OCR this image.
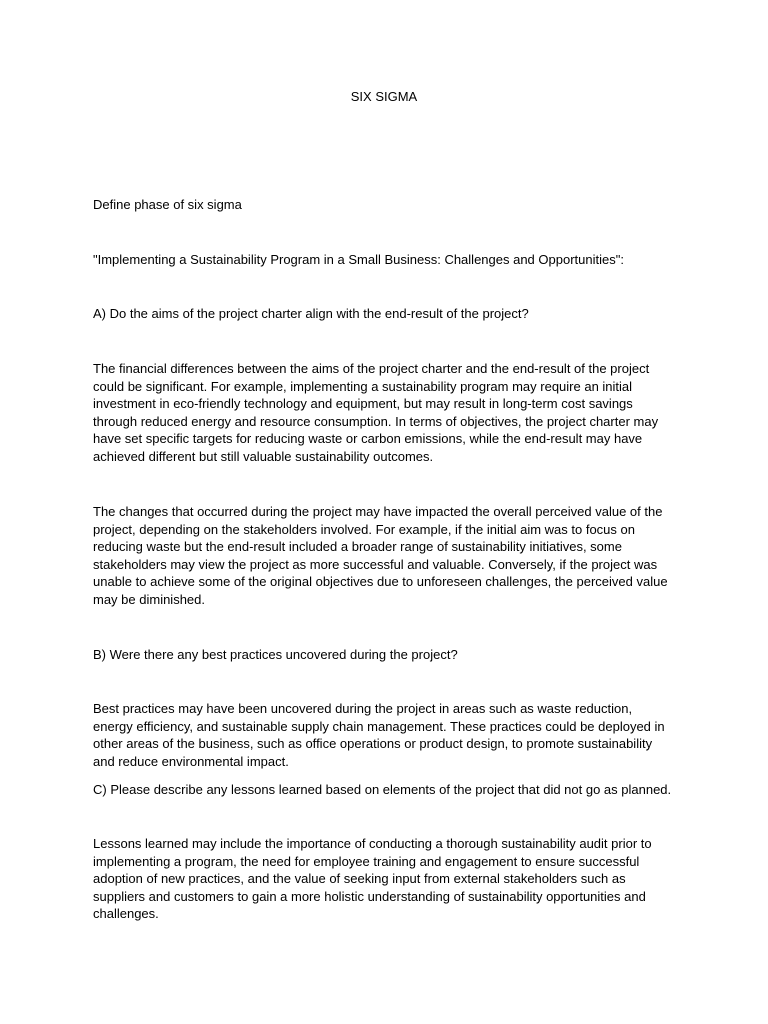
SIX SIGMA

Define phase of six sigma

"Implementing a Sustainability Program in a Small Business: Challenges and Opportunities":

A) Do the aims of the project charter align with the end-result of the project?

The financial differences between the aims of the project charter and the end-result of the project could be significant. For example, implementing a sustainability program may require an initial investment in eco-friendly technology and equipment, but may result in long-term cost savings through reduced energy and resource consumption. In terms of objectives, the project charter may have set specific targets for reducing waste or carbon emissions, while the end-result may have achieved different but still valuable sustainability outcomes.

The changes that occurred during the project may have impacted the overall perceived value of the project, depending on the stakeholders involved. For example, if the initial aim was to focus on reducing waste but the end-result included a broader range of sustainability initiatives, some stakeholders may view the project as more successful and valuable. Conversely, if the project was unable to achieve some of the original objectives due to unforeseen challenges, the perceived value may be diminished.

B) Were there any best practices uncovered during the project?

Best practices may have been uncovered during the project in areas such as waste reduction, energy efficiency, and sustainable supply chain management. These practices could be deployed in other areas of the business, such as office operations or product design, to promote sustainability and reduce environmental impact.

C) Please describe any lessons learned based on elements of the project that did not go as planned.

Lessons learned may include the importance of conducting a thorough sustainability audit prior to implementing a program, the need for employee training and engagement to ensure successful adoption of new practices, and the value of seeking input from external stakeholders such as suppliers and customers to gain a more holistic understanding of sustainability opportunities and challenges.
